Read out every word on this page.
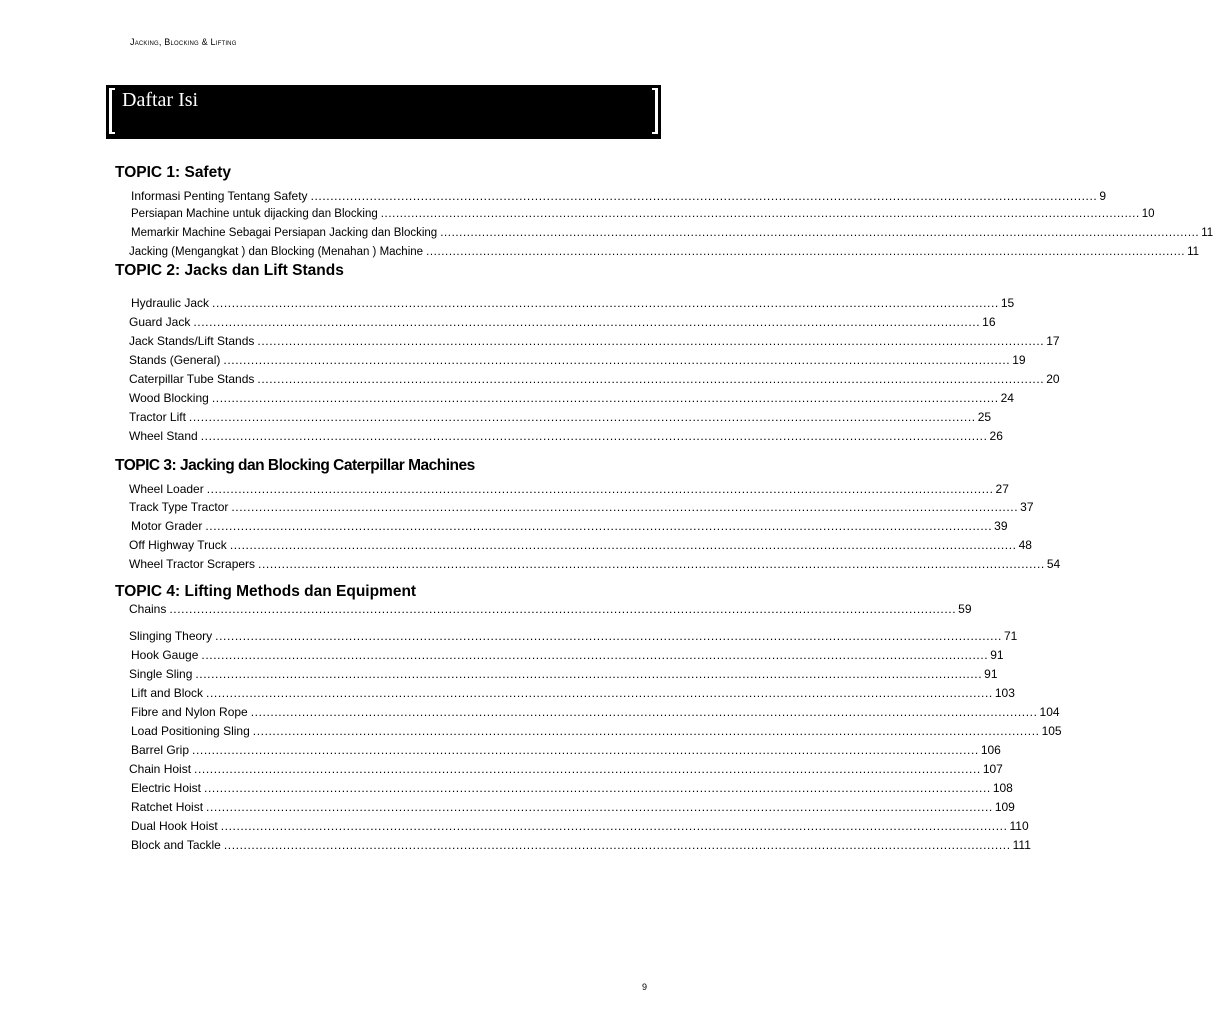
Jacking, Blocking & Lifting
Daftar Isi
TOPIC 1: Safety
Informasi Penting Tentang Safety ........................................................................................................................................................................................................ 9
Persiapan Machine untuk dijacking dan Blocking ........................................................................................................................................................................................................ 10
Memarkir Machine Sebagai Persiapan Jacking dan Blocking ........................................................................................................................................................................................................ 11
Jacking (Mengangkat ) dan Blocking (Menahan ) Machine ........................................................................................................................................................................................................ 11
TOPIC 2: Jacks dan Lift Stands
Hydraulic Jack ........................................................................................................................................................................................................ 15
Guard Jack ........................................................................................................................................................................................................ 16
Jack Stands/Lift Stands ........................................................................................................................................................................................................ 17
Stands (General) ........................................................................................................................................................................................................ 19
Caterpillar Tube Stands ........................................................................................................................................................................................................ 20
Wood Blocking ........................................................................................................................................................................................................ 24
Tractor Lift ........................................................................................................................................................................................................ 25
Wheel Stand ........................................................................................................................................................................................................ 26
TOPIC 3: Jacking dan Blocking Caterpillar Machines
Wheel Loader ........................................................................................................................................................................................................ 27
Track Type Tractor ........................................................................................................................................................................................................ 37
Motor Grader ........................................................................................................................................................................................................ 39
Off Highway Truck ........................................................................................................................................................................................................ 48
Wheel Tractor Scrapers ........................................................................................................................................................................................................ 54
TOPIC 4: Lifting Methods dan Equipment
Chains ........................................................................................................................................................................................................ 59
Slinging Theory ........................................................................................................................................................................................................ 71
Hook Gauge ........................................................................................................................................................................................................ 91
Single Sling ........................................................................................................................................................................................................ 91
Lift and Block ........................................................................................................................................................................................................ 103
Fibre and Nylon Rope ........................................................................................................................................................................................................ 104
Load Positioning Sling ........................................................................................................................................................................................................ 105
Barrel Grip ........................................................................................................................................................................................................ 106
Chain Hoist ........................................................................................................................................................................................................ 107
Electric Hoist ........................................................................................................................................................................................................ 108
Ratchet Hoist ........................................................................................................................................................................................................ 109
Dual Hook Hoist ........................................................................................................................................................................................................ 110
Block and Tackle ........................................................................................................................................................................................................ 111
9
